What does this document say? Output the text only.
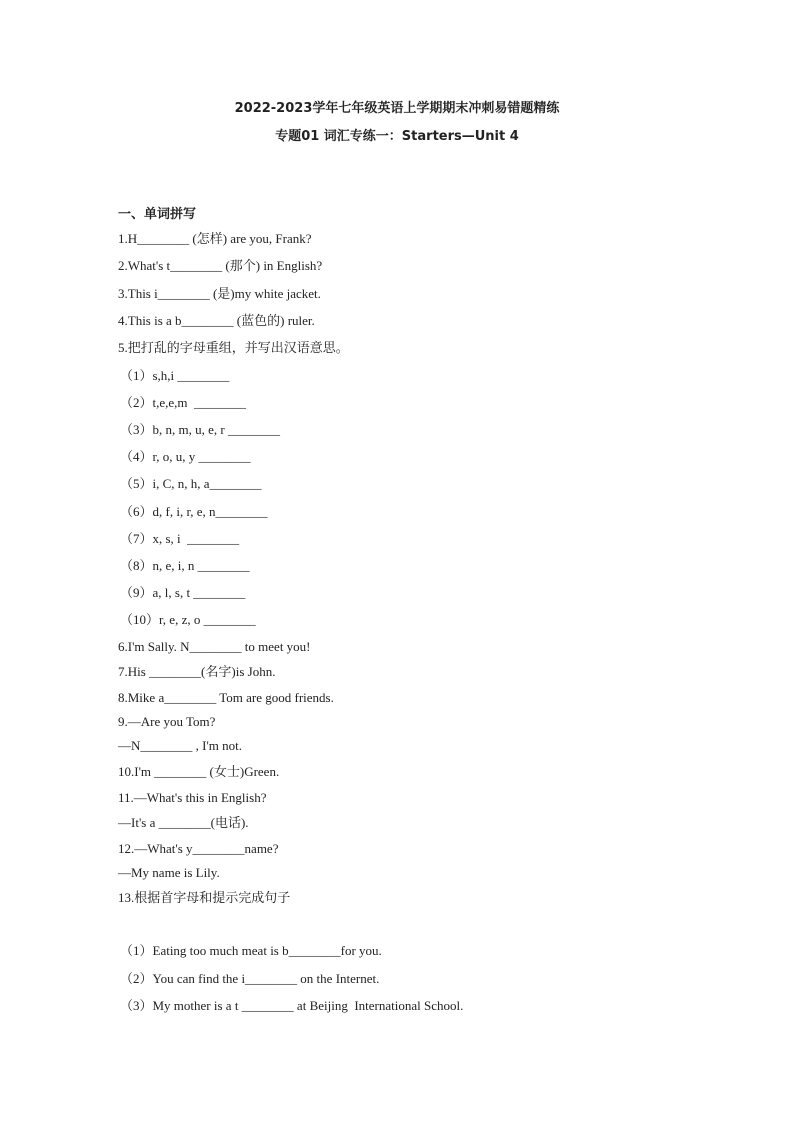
2022-2023学年七年级英语上学期期末冲刺易错题精练
专题01 词汇专练一：Starters—Unit 4
一、单词拼写
1.H________ (怎样) are you, Frank?
2.What's t________ (那个) in English?
3.This i________ (是)my white jacket.
4.This is a b________ (蓝色的) ruler.
5.把打乱的字母重组，并写出汉语意思。
（1）s,h,i ________
（2）t,e,e,m  ________
（3）b, n, m, u, e, r ________
（4）r, o, u, y ________
（5）i, C, n, h, a________
（6）d, f, i, r, e, n________
（7）x, s, i  ________
（8）n, e, i, n ________
（9）a, l, s, t ________
（10）r, e, z, o ________
6.I'm Sally. N________ to meet you!
7.His ________(名字)is John.
8.Mike a________ Tom are good friends.
9.—Are you Tom?
—N________ , I'm not.
10.I'm ________ (女士)Green.
11.—What's this in English?
—It's a ________(电话).
12.—What's y________name?
—My name is Lily.
13.根据首字母和提示完成句子
（1）Eating too much meat is b________for you.
（2）You can find the i________ on the Internet.
（3）My mother is a t ________ at Beijing  International School.
